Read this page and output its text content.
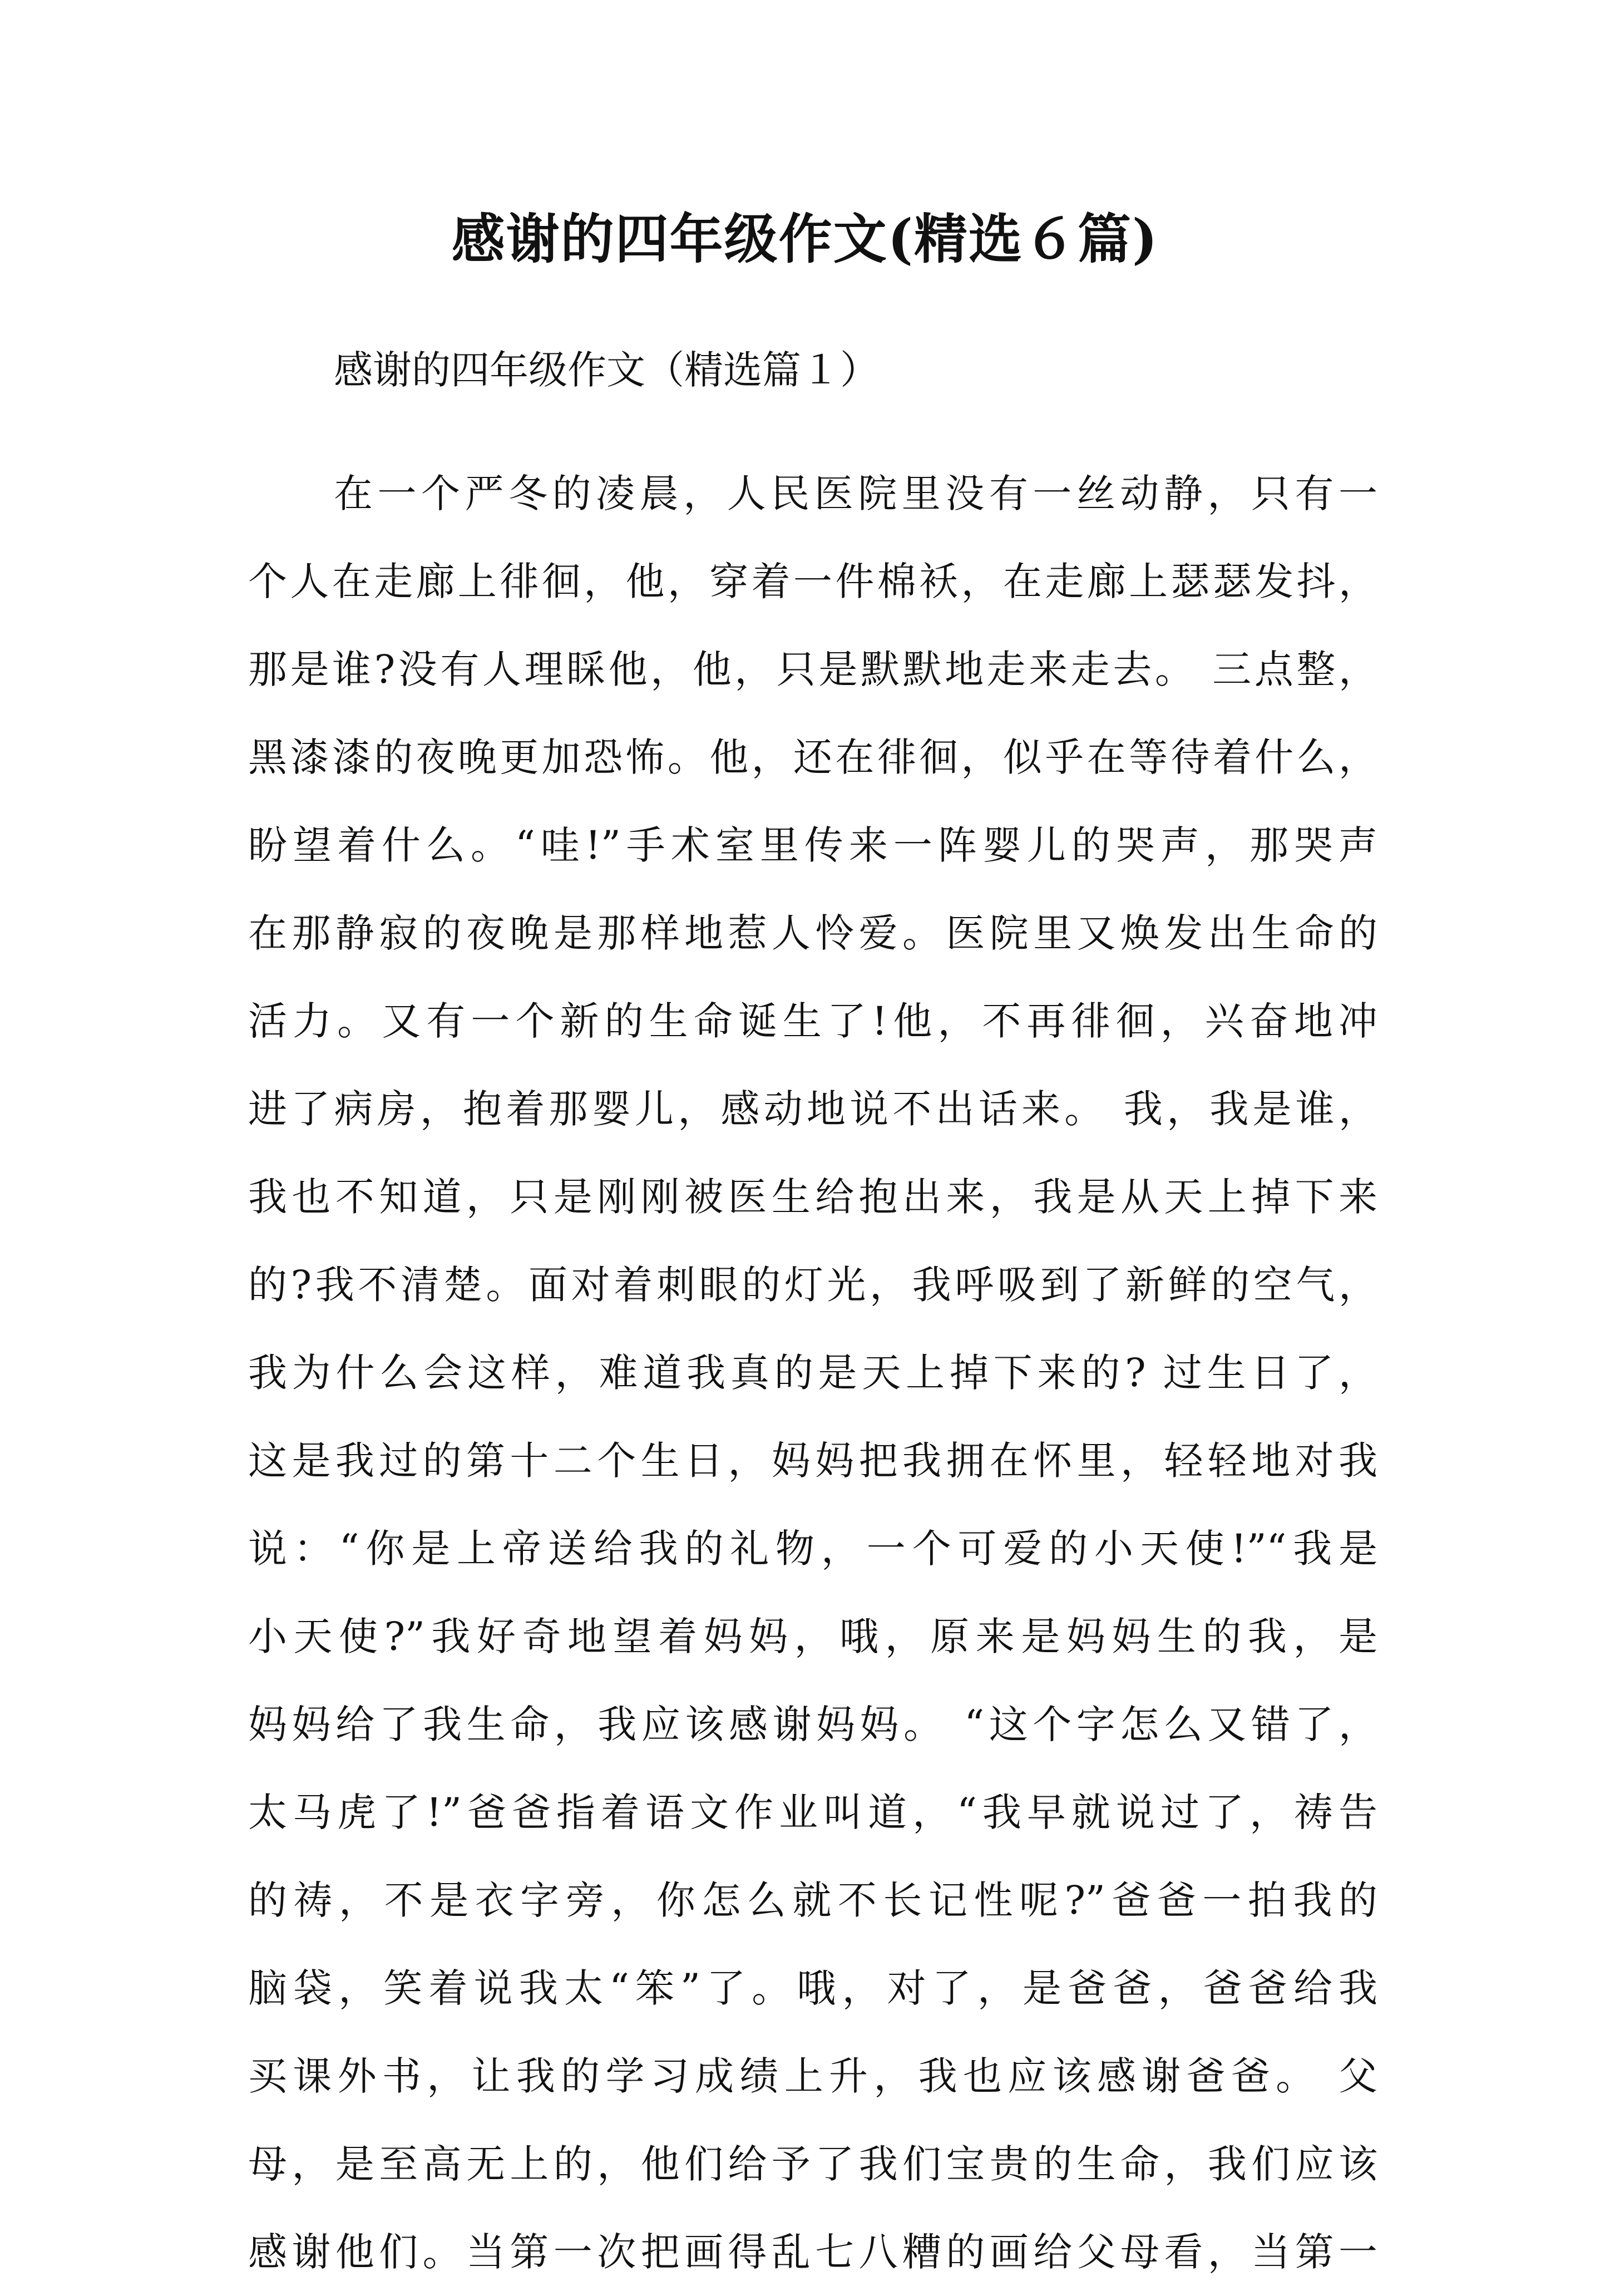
感谢的四年级作文(精选６篇)
感谢的四年级作文（精选篇１）
在一个严冬的凌晨，人民医院里没有一丝动静，只有一
个人在走廊上徘徊，他，穿着一件棉袄，在走廊上瑟瑟发抖，
那是谁?没有人理睬他，他，只是默默地走来走去。 三点整，
黑漆漆的夜晚更加恐怖。他，还在徘徊，似乎在等待着什么，
盼望着什么。“哇!”手术室里传来一阵婴儿的哭声，那哭声
在那静寂的夜晚是那样地惹人怜爱。医院里又焕发出生命的
活力。又有一个新的生命诞生了!他，不再徘徊，兴奋地冲
进了病房，抱着那婴儿，感动地说不出话来。 我，我是谁，
我也不知道，只是刚刚被医生给抱出来，我是从天上掉下来
的?我不清楚。面对着刺眼的灯光，我呼吸到了新鲜的空气，
我为什么会这样，难道我真的是天上掉下来的? 过生日了，
这是我过的第十二个生日，妈妈把我拥在怀里，轻轻地对我
说：“你是上帝送给我的礼物，一个可爱的小天使!”“我是
小天使?”我好奇地望着妈妈，哦，原来是妈妈生的我，是
妈妈给了我生命，我应该感谢妈妈。 “这个字怎么又错了，
太马虎了!”爸爸指着语文作业叫道，“我早就说过了，祷告
的祷，不是衣字旁，你怎么就不长记性呢?”爸爸一拍我的
脑袋，笑着说我太“笨”了。哦，对了，是爸爸，爸爸给我
买课外书，让我的学习成绩上升，我也应该感谢爸爸。 父
母，是至高无上的，他们给予了我们宝贵的生命，我们应该
感谢他们。当第一次把画得乱七八糟的画给父母看，当第一
